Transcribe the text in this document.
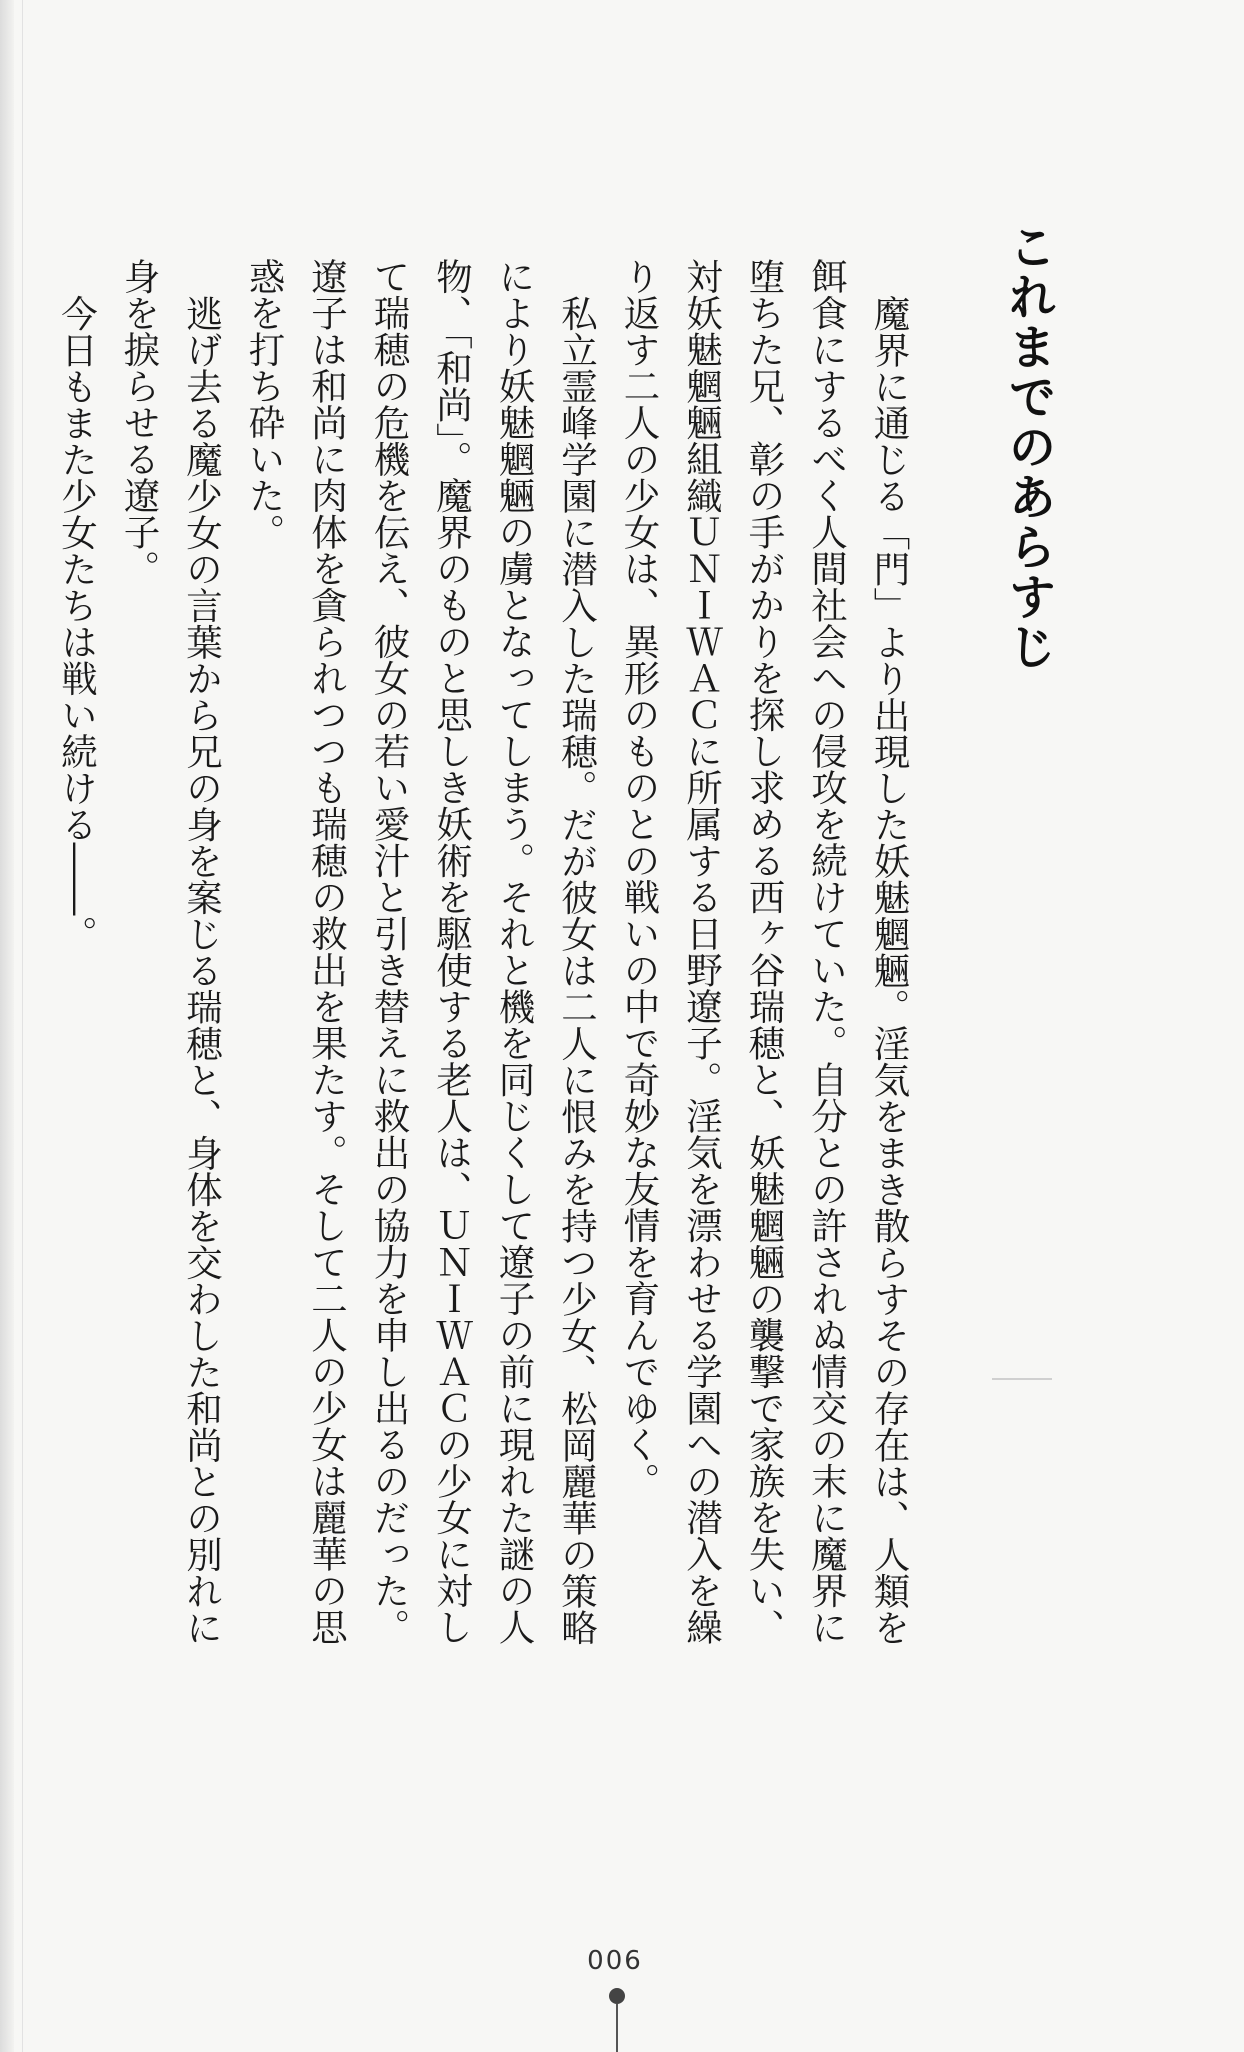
これまでのあらすじ

魔界に通じる「門」より出現した妖魅魍魎。淫気をまき散らすその存在は、人類を餌食にするべく人間社会への侵攻を続けていた。自分との許されぬ情交の末に魔界に堕ちた兄、彰の手がかりを探し求める西ヶ谷瑞穂と、妖魅魍魎の襲撃で家族を失い、対妖魅魍魎組織ＵＮＩＷＡＣに所属する日野遼子。淫気を漂わせる学園への潜入を繰り返す二人の少女は、異形のものとの戦いの中で奇妙な友情を育んでゆく。

私立霊峰学園に潜入した瑞穂。だが彼女は二人に恨みを持つ少女、松岡麗華の策略により妖魅魍魎の虜となってしまう。それと機を同じくして遼子の前に現れた謎の人物、「和尚」。魔界のものと思しき妖術を駆使する老人は、ＵＮＩＷＡＣの少女に対して瑞穂の危機を伝え、彼女の若い愛汁と引き替えに救出の協力を申し出るのだった。遼子は和尚に肉体を貪られつつも瑞穂の救出を果たす。そして二人の少女は麗華の思惑を打ち砕いた。

逃げ去る魔少女の言葉から兄の身を案じる瑞穂と、身体を交わした和尚との別れに身を捩らせる遼子。

今日もまた少女たちは戦い続ける――。

006
